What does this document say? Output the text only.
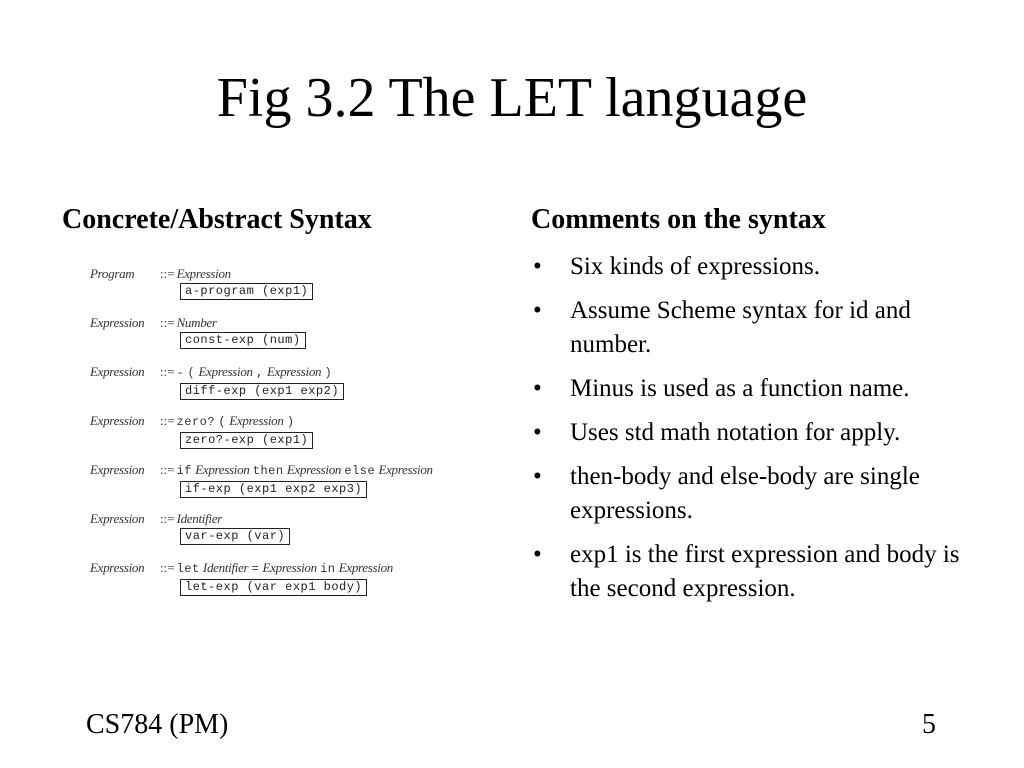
Fig 3.2 The LET language
Concrete/Abstract Syntax	Comments on the syntax
Program ::= Expression
a-program (exp1)
Expression ::= Number
const-exp (num)
Expression ::= - ( Expression , Expression )
diff-exp (exp1 exp2)
Expression ::= zero? ( Expression )
zero?-exp (exp1)
Expression ::= if Expression then Expression else Expression
if-exp (exp1 exp2 exp3)
Expression ::= Identifier
var-exp (var)
Expression ::= let Identifier = Expression in Expression
let-exp (var exp1 body)
• Six kinds of expressions.
• Assume Scheme syntax for id and number.
• Minus is used as a function name.
• Uses std math notation for apply.
• then-body and else-body are single expressions.
• exp1 is the first expression and body is the second expression.
CS784 (PM)	5
